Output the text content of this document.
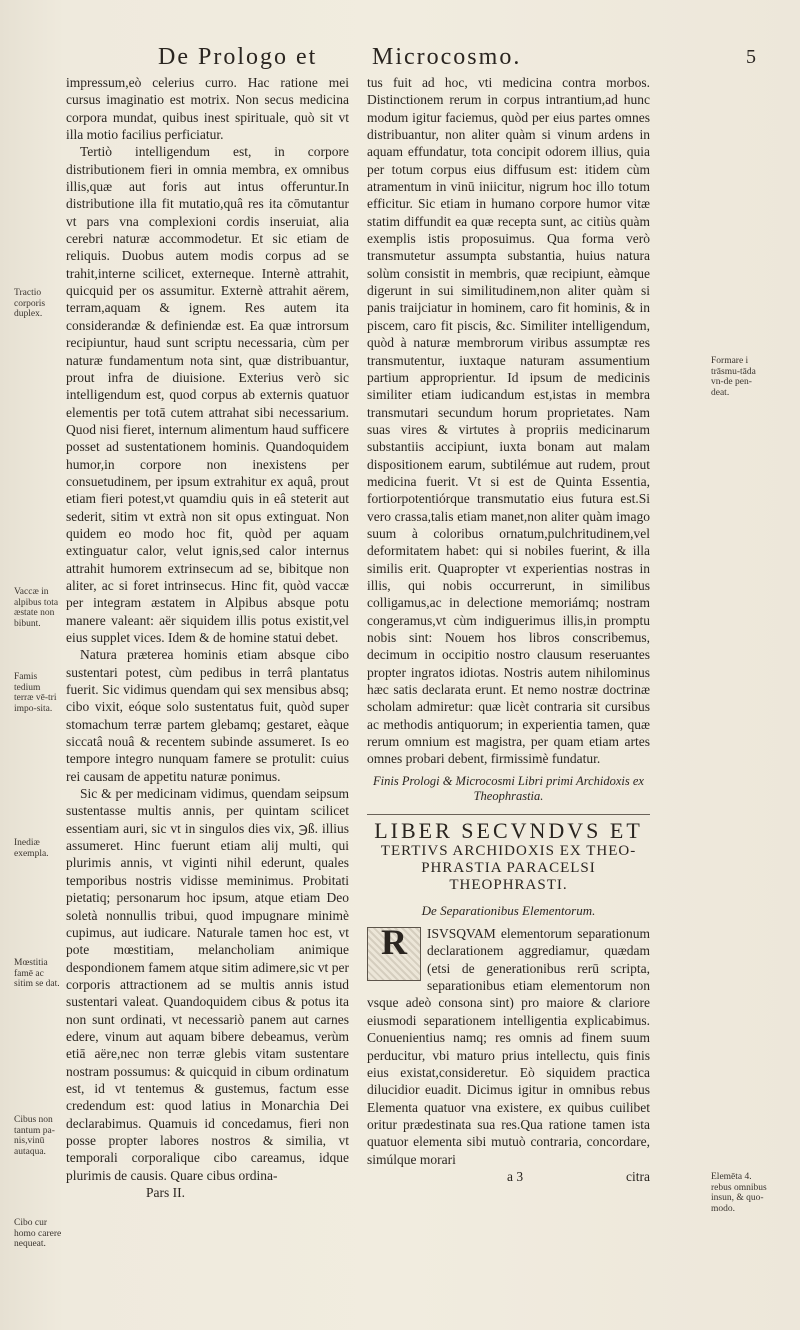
De Prologo et Microcosmo.	5

impressum,eò celerius curro. Hac ratione mei cursus imaginatio est motrix. Non secus medicina corpora mundat, quibus inest spirituale, quò sit vt illa motio facilius perficiatur.

Tertiò intelligendum est, in corpore distributionem fieri in omnia membra, ex omnibus illis,quæ aut foris aut intus offeruntur.In distributione illa fit mutatio,quâ res ita cōmutantur vt pars vna complexioni cordis inseruiat, alia cerebri naturæ accommodetur. Et sic etiam de reliquis. Duobus autem modis corpus ad se trahit,interne scilicet, externeque. Internè attrahit, quicquid per os assumitur. Externè attrahit aërem, terram,aquam & ignem. Res autem ita considerandæ & definiendæ est. Ea quæ introrsum recipiuntur, haud sunt scriptu necessaria, cùm per naturæ fundamentum nota sint, quæ distribuantur, prout infra de diuisione. Exterius verò sic intelligendum est, quod corpus ab externis quatuor elementis per totā cutem attrahat sibi necessarium. Quod nisi fieret, internum alimentum haud sufficere posset ad sustentationem hominis. Quandoquidem humor,in corpore non inexistens per consuetudinem, per ipsum extrahitur ex aquâ, prout etiam fieri potest,vt quamdiu quis in eâ steterit aut sederit, sitim vt extrà non sit opus extinguat. Non quidem eo modo hoc fit, quòd per aquam extinguatur calor, velut ignis,sed calor internus attrahit humorem extrinsecum ad se, bibitque non aliter, ac si foret intrinsecus. Hinc fit, quòd vaccæ per integram æstatem in Alpibus absque potu manere valeant: aër siquidem illis potus existit,vel eius supplet vices. Idem & de homine statui debet.

Natura præterea hominis etiam absque cibo sustentari potest, cùm pedibus in terrâ plantatus fuerit. Sic vidimus quendam qui sex mensibus absq; cibo vixit, eóque solo sustentatus fuit, quòd super stomachum terræ partem glebamq; gestaret, eàque siccatâ nouâ & recentem subinde assumeret. Is eo tempore integro nunquam famere se protulit: cuius rei causam de appetitu naturæ ponimus.

Sic & per medicinam vidimus, quendam seipsum sustentasse multis annis, per quintam scilicet essentiam auri, sic vt in singulos dies vix, ℈ß. illius assumeret. Hinc fuerunt etiam alij multi, qui plurimis annis, vt viginti nihil ederunt, quales temporibus nostris vidisse meminimus. Probitati pietatiq; personarum hoc ipsum, atque etiam Deo soletà nonnullis tribui, quod impugnare minimè cupimus, aut iudicare. Naturale tamen hoc est, vt pote mœstitiam, melancholiam animique despondionem famem atque sitim adimere,sic vt per corporis attractionem ad se multis annis istud sustentari valeat. Quandoquidem cibus & potus ita non sunt ordinati, vt necessariò panem aut carnes edere, vinum aut aquam bibere debeamus, verùm etiā aëre,nec non terræ glebis vitam sustentare nostram possumus: & quicquid in cibum ordinatum est, id vt tentemus & gustemus, factum esse credendum est: quod latius in Monarchia Dei declarabimus. Quamuis id concedamus, fieri non posse propter labores nostros & similia, vt temporali corporalique cibo careamus, idque plurimis de causis. Quare cibus ordina-

Pars II.
Tractio corporis duplex.
Vaccæ in alpibus tota æstate non bibunt.
Famis tedium terræ vē-tri impo-sita.
Inediæ exempla.
Mœstitia famē ac sitim se dat.
Cibus non tantum pa-nis,vinū autaqua.
Cibo cur homo carere nequeat.

tus fuit ad hoc, vti medicina contra morbos. Distinctionem rerum in corpus intrantium,ad hunc modum igitur faciemus, quòd per eius partes omnes distribuantur, non aliter quàm si vinum ardens in aquam effundatur, tota concipit odorem illius, quia per totum corpus eius diffusum est: itidem cùm atramentum in vinū iniicitur, nigrum hoc illo totum efficitur. Sic etiam in humano corpore humor vitæ statim diffundit ea quæ recepta sunt, ac citiùs quàm exemplis istis proposuimus. Qua forma verò transmutetur assumpta substantia, huius natura solùm consistit in membris, quæ recipiunt, eàmque digerunt in sui similitudinem,non aliter quàm si panis traijciatur in hominem, caro fit hominis, & in piscem, caro fit piscis, &c. Similiter intelligendum, quòd à naturæ membrorum viribus assumptæ res transmutentur, iuxtaque naturam assumentium partium approprientur. Id ipsum de medicinis similiter etiam iudicandum est,istas in membra transmutari secundum horum proprietates. Nam suas vires & virtutes à propriis medicinarum substantiis accipiunt, iuxta bonam aut malam dispositionem earum, subtilémue aut rudem, prout medicina fuerit. Vt si est de Quinta Essentia, fortiorpotentiórque transmutatio eius futura est.Si vero crassa,talis etiam manet,non aliter quàm imago suum à coloribus ornatum,pulchritudinem,vel deformitatem habet: qui si nobiles fuerint, & illa similis erit. Quapropter vt experientias nostras in illis, qui nobis occurrerunt, in similibus colligamus,ac in delectione memoriámq; nostram congeramus,vt cùm indiguerimus illis,in promptu nobis sint: Nouem hos libros conscribemus, decimum in occipitio nostro clausum reseruantes propter ingratos idiotas. Nostris autem nihilominus hæc satis declarata erunt. Et nemo nostræ doctrinæ scholam admiretur: quæ licèt contraria sit cursibus ac methodis antiquorum; in experientia tamen, quæ rerum omnium est magistra, per quam etiam artes omnes probari debent, firmissimè fundatur.

Finis Prologi & Microcosmi Libri primi Archidoxis ex Theophrastia.
LIBER SECVNDVS ET
TERTIVS ARCHIDOXIS EX THEO-
PHRASTIA PARACELSI THEOPHRASTI.
De Separationibus Elementorum.

R	ISVSQVAM elementorum separationum declarationem aggrediamur, quædam (etsi de generationibus rerū scripta, separationibus etiam elementorum non vsque adeò consona sint) pro maiore & clariore eiusmodi separationem intelligentia explicabimus. Conuenientius namq; res omnis ad finem suum perducitur, vbi maturo prius intellectu, quis finis eius existat,consideretur. Eò siquidem practica dilucidior euadit. Dicimus igitur in omnibus rebus Elementa quatuor vna existere, ex quibus cuilibet oritur prædestinata sua res.Qua ratione tamen ista quatuor elementa sibi mutuò contraria, concordare, simúlque morari

a 3	citra
Formare i trāsmu-tāda vn-de pen-deat.
Elemēta 4. rebus omnibus insun, & quo-modo.
